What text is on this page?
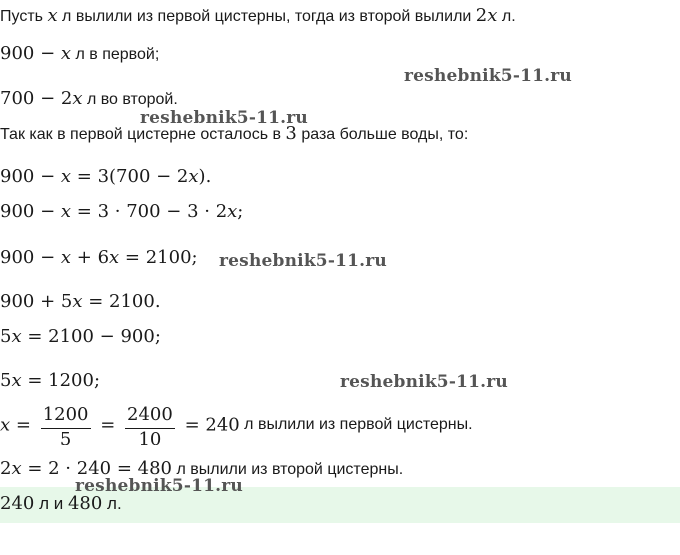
Пусть x л вылили из первой цистерны, тогда из второй вылили 2x л.
900 − x л в первой;
700 − 2x л во второй.
Так как в первой цистерне осталось в 3 раза больше воды, то:
900 − x = 3(700 − 2x).
900 − x = 3 · 700 − 3 · 2x;
900 − x + 6x = 2100;
900 + 5x = 2100.
5x = 2100 − 900;
5x = 1200;
$x = \frac{1200}{5} = \frac{2400}{10} = 240$ л вылили из первой цистерны.
2x = 2 · 240 = 480 л вылили из второй цистерны.
240 л и 480 л.
reshebnik5-11.ru
reshebnik5-11.ru
reshebnik5-11.ru
reshebnik5-11.ru
reshebnik5-11.ru
